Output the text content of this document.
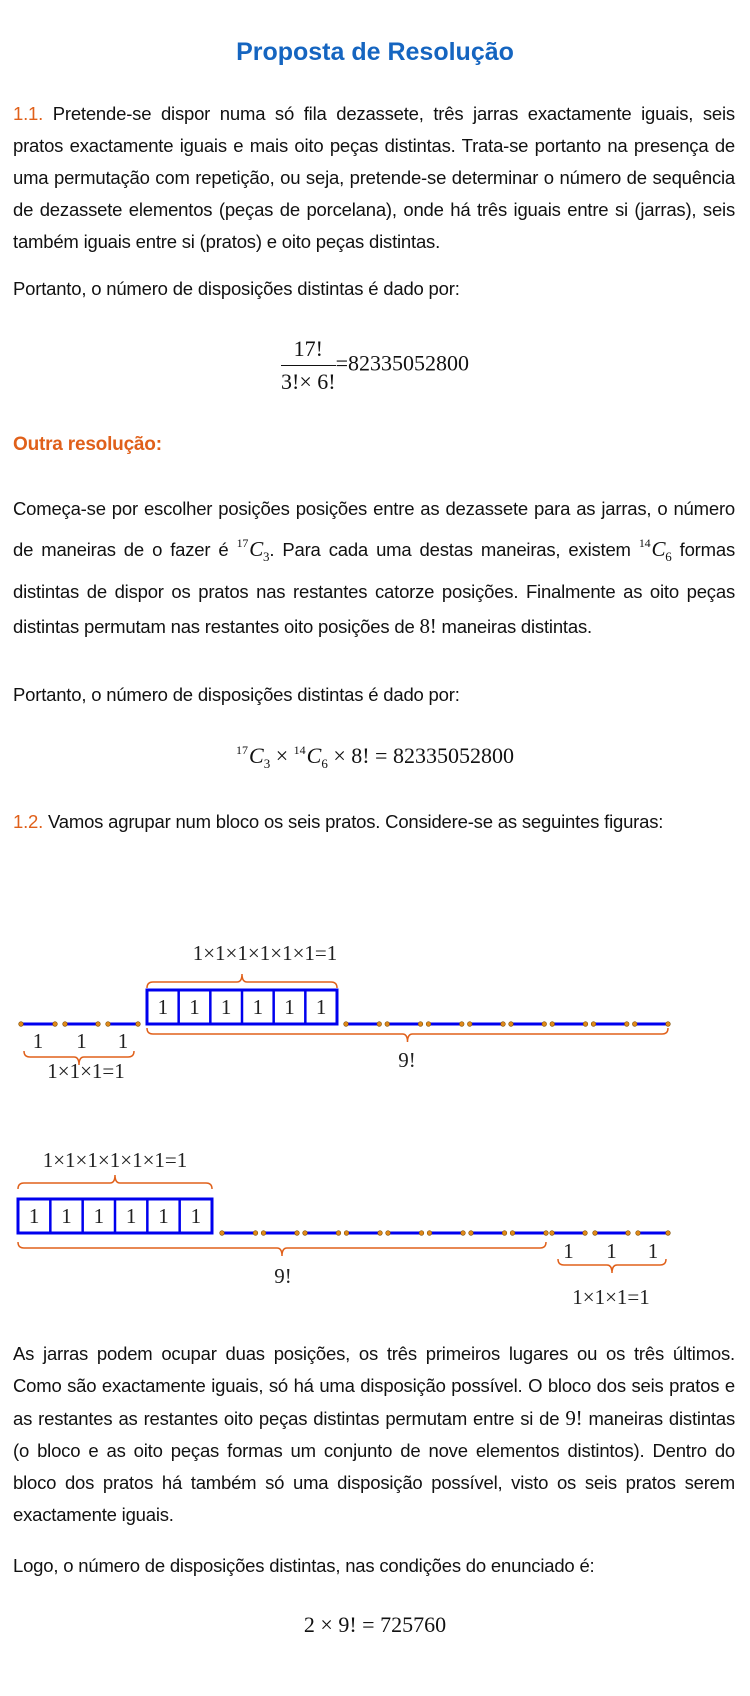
Proposta de Resolução
1.1. Pretende-se dispor numa só fila dezassete, três jarras exactamente iguais, seis pratos exactamente iguais e mais oito peças distintas. Trata-se portanto na presença de uma permutação com repetição, ou seja, pretende-se determinar o número de sequência de dezassete elementos (peças de porcelana), onde há três iguais entre si (jarras), seis também iguais entre si (pratos) e oito peças distintas.
Portanto, o número de disposições distintas é dado por:
$\frac{17!}{3!\times 6!} =82335052800$
Outra resolução:
Começa-se por escolher posições posições entre as dezassete para as jarras, o número de maneiras de o fazer é $^{17}C_3$. Para cada uma destas maneiras, existem $^{14}C_6$ formas distintas de dispor os pratos nas restantes catorze posições. Finalmente as oito peças distintas permutam nas restantes oito posições de 8! maneiras distintas.
Portanto, o número de disposições distintas é dado por:
$^{17}C_3 \times ^{14}C_6 \times 8$! = 82335052800
1.2. Vamos agrupar num bloco os seis pratos. Considere-se as seguintes figuras:
1×1×1×1×1×1=1
1×1×1=1	9!
1 1 1
1 1 1 1 1 1
1×1×1×1×1×1=1
1×1×1=1
9!
1 1 1 1 1 1
1 1 1
As jarras podem ocupar duas posições, os três primeiros lugares ou os três últimos. Como são exactamente iguais, só há uma disposição possível. O bloco dos seis pratos e as restantes as restantes oito peças distintas permutam entre si de 9! maneiras distintas (o bloco e as oito peças formas um conjunto de nove elementos distintos). Dentro do bloco dos pratos há também só uma disposição possível, visto os seis pratos serem exactamente iguais.
Logo, o número de disposições distintas, nas condições do enunciado é:
2 × 9! = 725760
